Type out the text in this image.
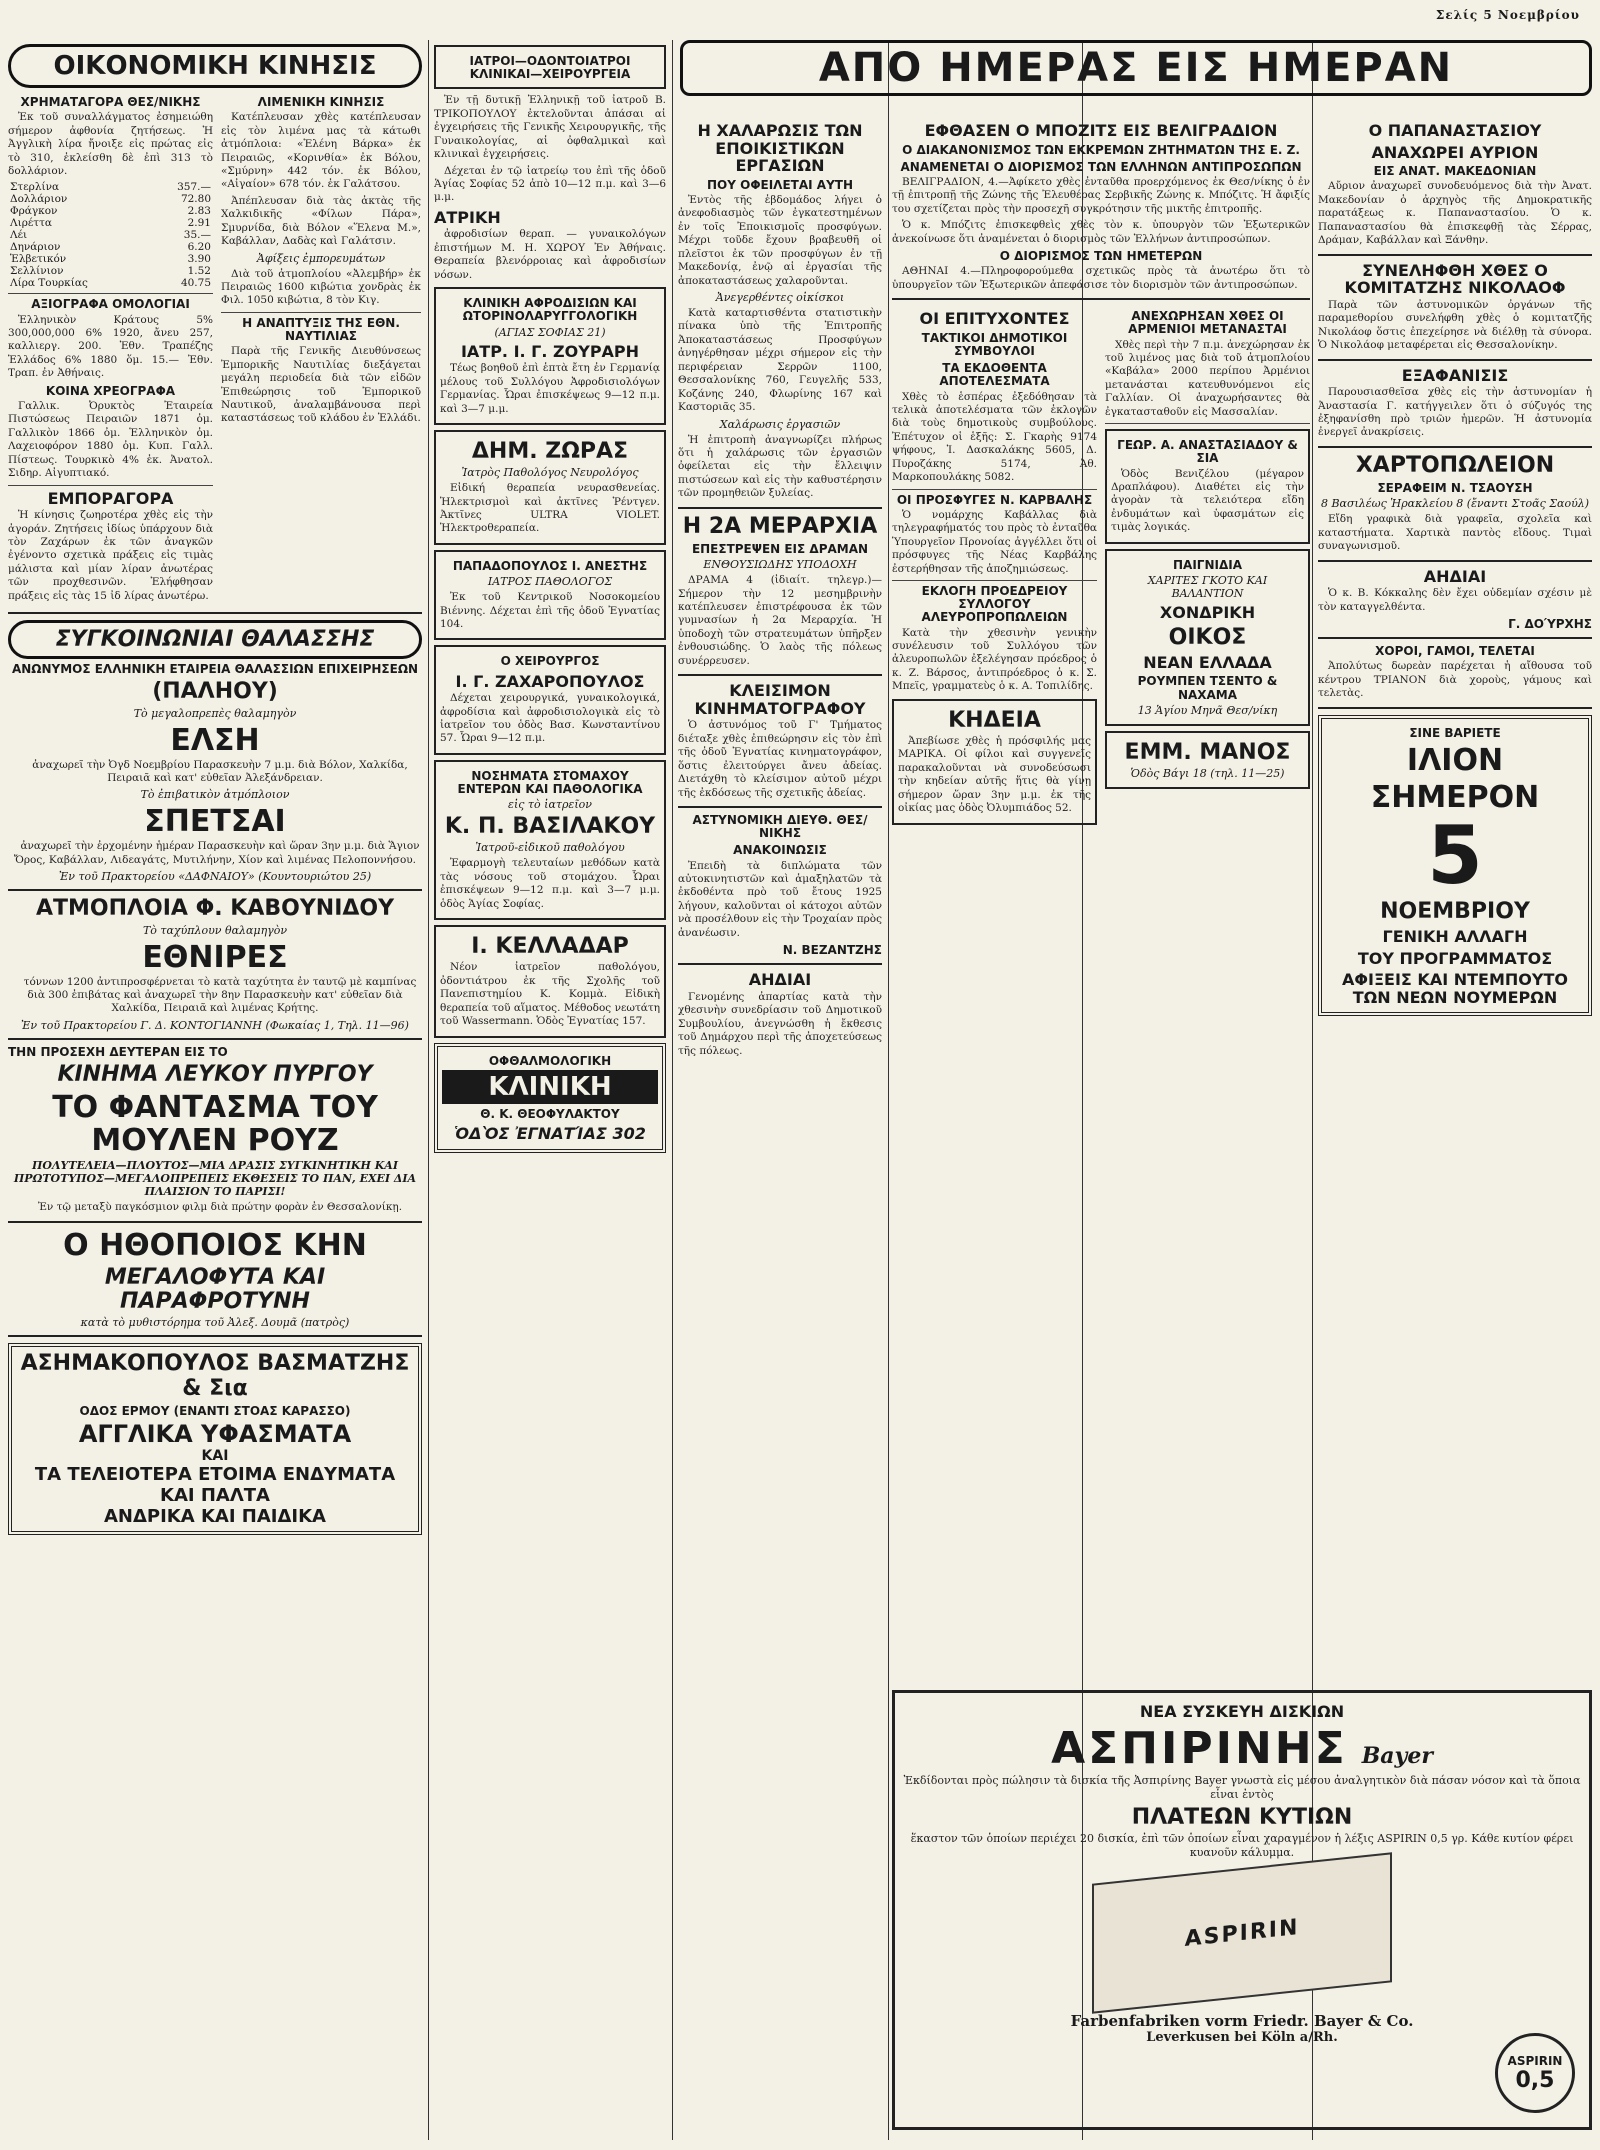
Σελίς 5 Νοεμβρίου
ΟΙΚΟΝΟΜΙΚΗ ΚΙΝΗΣΙΣ
ΧΡΗΜΑΤΑΓΟΡΑ ΘΕΣ/ΝΙΚΗΣ

Ἐκ τοῦ συναλλάγματος ἐσημειώθη σήμερον ἀφθονία ζητήσεως. Ἡ Ἀγγλικὴ λίρα ἤνοιξε εἰς πρώτας εἰς τὸ 310, ἐκλείσθη δὲ ἐπὶ 313 τὸ δολλάριον.

Στερλίνα	357.—
Δολλάριον	72.80
Φράγκον	2.83
Λιρέττα	2.91
Λέι	35.—
Δηνάριον	6.20
Ἑλβετικόν	3.90
Σελλίνιον	1.52
Λίρα Τουρκίας	40.75
ΑΞΙΟΓΡΑΦΑ ΟΜΟΛΟΓΙΑΙ

Ἑλληνικὸν Κράτους 5% 300,000,000 6% 1920, ἄνευ 257, καλλιεργ. 200. Ἐθν. Τραπέζης Ἑλλάδος 6% 1880 ὅμ. 15.— Ἐθν. Τραπ. ἐν Ἀθήναις.

ΚΟΙΝΑ ΧΡΕΟΓΡΑΦΑ

Γαλλικ. Ὀρυκτὸς Ἐταιρεία Πιστώσεως Πειραιῶν 1871 ὀμ. Γαλλικὸν 1866 ὀμ. Ἑλληνικὸν ὀμ. Λαχειοφόρον 1880 ὀμ. Κυπ. Γαλλ. Πίστεως. Τουρκικὸ 4% ἐκ. Ἀνατολ. Σιδηρ. Αἰγυπτιακό.

ΕΜΠΟΡΑΓΟΡΑ

Ἡ κίνησις ζωηροτέρα χθὲς εἰς τὴν ἀγοράν. Ζητήσεις ἰδίως ὑπάρχουν διὰ τὸν Ζαχάρων ἐκ τῶν ἀναγκῶν ἐγένοντο σχετικὰ πράξεις εἰς τιμὰς μάλιστα καὶ μίαν λίραν ἀνωτέρας τῶν προχθεσινῶν. Ἐλήφθησαν πράξεις εἰς τὰς 15 ἰδ λίρας ἀνωτέρω.

ΛΙΜΕΝΙΚΗ ΚΙΝΗΣΙΣ

Κατέπλευσαν χθὲς κατέπλευσαν εἰς τὸν λιμένα μας τὰ κάτωθι ἀτμόπλοια: «Ἑλένη Βάρκα» ἐκ Πειραιῶς, «Κορινθία» ἐκ Βόλου, «Σμύρνη» 442 τόν. ἐκ Βόλου, «Αἰγαίον» 678 τόν. ἐκ Γαλάτσου.

Ἀπέπλευσαν διὰ τὰς ἀκτὰς τῆς Χαλκιδικῆς «Φίλων Πάρα», Σμυρνίδα, διὰ Βόλον «Ἕλενα Μ.», Καβάλλαν, Δαδὰς καὶ Γαλάτσιν.

Ἀφίξεις ἐμπορευμάτων

Διὰ τοῦ ἀτμοπλοίου «Ἀλεμβήρ» ἐκ Πειραιῶς 1600 κιβώτια χονδρὰς ἐκ Φιλ. 1050 κιβώτια, 8 τὸν Κιγ.

Η ΑΝΑΠΤΥΞΙΣ ΤΗΣ ΕΘΝ. ΝΑΥΤΙΛΙΑΣ

Παρὰ τῆς Γενικῆς Διευθύνσεως Ἐμπορικῆς Ναυτιλίας διεξάγεται μεγάλη περιοδεία διὰ τῶν εἰδῶν Ἐπιθεώρησις τοῦ Ἐμπορικοῦ Ναυτικοῦ, ἀναλαμβάνουσα περὶ καταστάσεως τοῦ κλάδου ἐν Ἑλλάδι.

ΣΥΓΚΟΙΝΩΝΙΑΙ ΘΑΛΑΣΣΗΣ
ΑΝΩΝΥΜΟΣ ΕΛΛΗΝΙΚΗ ΕΤΑΙΡΕΙΑ ΘΑΛΑΣΣΙΩΝ ΕΠΙΧΕΙΡΗΣΕΩΝ
(ΠΑΛΗΟΥ)
Τὸ μεγαλοπρεπὲς θαλαμηγὸν
ΕΛΣΗ

ἀναχωρεῖ τὴν Ὀγδ Νοεμβρίου Παρασκευὴν 7 μ.μ. διὰ Βόλον, Χαλκίδα, Πειραιᾶ καὶ κατ' εὐθεῖαν Ἀλεξάνδρειαν.

Τὸ ἐπιβατικὸν ἀτμόπλοιον
ΣΠΕΤΣΑΙ

ἀναχωρεῖ τὴν ἐρχομένην ἡμέραν Παρασκευὴν καὶ ὥραν 3ην μ.μ. διὰ Ἅγιον Ὄρος, Καβάλλαν, Λιδεαγάτς, Μυτιλήνην, Χίον καὶ λιμένας Πελοποννήσου.

Ἐν τοῦ Πρακτορείου «ΔΑΦΝΑΙΟΥ» (Κουντουριώτου 25)
ΑΤΜΟΠΛΟΙΑ Φ. ΚΑΒΟΥΝΙΔΟΥ
Τὸ ταχύπλουν θαλαμηγὸν
ΕΘΝΙΡΕΣ

τόννων 1200 ἀντιπροσφέρνεται τὸ κατὰ ταχύτητα ἐν ταυτῷ μὲ καμπίνας διὰ 300 ἐπιβάτας καὶ ἀναχωρεῖ τὴν 8ην Παρασκευὴν κατ' εὐθεῖαν διὰ Χαλκίδα, Πειραιᾶ καὶ λιμένας Κρήτης.

Ἐν τοῦ Πρακτορείου Γ. Δ. ΚΟΝΤΟΓΙΑΝΝΗ (Φωκαίας 1, Τηλ. 11—96)
ΤΗΝ ΠΡΟΣΕΧΗ ΔΕΥΤΕΡΑΝ ΕΙΣ ΤΟ
ΚΙΝΗΜΑ ΛΕΥΚΟΥ ΠΥΡΓΟΥ
ΤΟ ΦΑΝΤΑΣΜΑ ΤΟΥ ΜΟΥΛΕΝ ΡΟΥΖ
ΠΟΛΥΤΕΛΕΙΑ—ΠΛΟΥΤΟΣ—ΜΙΑ ΔΡΑΣΙΣ ΣΥΓΚΙΝΗΤΙΚΗ ΚΑΙ ΠΡΩΤΟΤΥΠΟΣ—ΜΕΓΑΛΟΠΡΕΠΕΙΣ ΕΚΘΕΣΕΙΣ ΤΟ ΠΑΝ, ΕΧΕΙ ΔΙΑ ΠΛΑΙΣΙΟΝ ΤΟ ΠΑΡΙΣΙ!

Ἐν τῷ μεταξὺ παγκόσμιον φιλμ διὰ πρώτην φορὰν ἐν Θεσσαλονίκῃ.

Ο ΗΘΟΠΟΙΟΣ ΚΗΝ
ΜΕΓΑΛΟΦΥΤΑ ΚΑΙ ΠΑΡΑΦΡΟΤΥΝΗ
κατὰ τὸ μυθιστόρημα τοῦ Ἀλεξ. Δουμᾶ (πατρὸς)
ΑΣΗΜΑΚΟΠΟΥΛΟΣ ΒΑΣΜΑΤΖΗΣ & Σια
ΟΔΟΣ ΕΡΜΟΥ (ΕΝΑΝΤΙ ΣΤΟΑΣ ΚΑΡΑΣΣΟ)
ΑΓΓΛΙΚΑ ΥΦΑΣΜΑΤΑ
ΚΑΙ
ΤΑ ΤΕΛΕΙΟΤΕΡΑ ΕΤΟΙΜΑ ΕΝΔΥΜΑΤΑ ΚΑΙ ΠΑΛΤΑ
ΑΝΔΡΙΚΑ ΚΑΙ ΠΑΙΔΙΚΑ
ΙΑΤΡΟΙ—ΟΔΟΝΤΟΙΑΤΡΟΙ ΚΛΙΝΙΚΑΙ—ΧΕΙΡΟΥΡΓΕΙΑ

Ἐν τῇ δυτικῇ Ἑλληνικῇ τοῦ ἰατροῦ Β. ΤΡΙΚΟΠΟΥΛΟΥ ἐκτελοῦνται ἀπάσαι αἱ ἐγχειρήσεις τῆς Γενικῆς Χειρουργικῆς, τῆς Γυναικολογίας, αἱ ὀφθαλμικαὶ καὶ κλινικαὶ ἐγχειρήσεις.

Δέχεται ἐν τῷ ἰατρείῳ του ἐπὶ τῆς ὁδοῦ Ἁγίας Σοφίας 52 ἀπὸ 10—12 π.μ. καὶ 3—6 μ.μ.

ΑΤΡΙΚΗ

ἀφροδισίων θεραπ. — γυναικολόγων ἐπιστήμων Μ. Η. ΧΩΡΟΥ Ἐν Ἀθήναις. Θεραπεία βλενόρροιας καὶ ἀφροδισίων νόσων.

ΚΛΙΝΙΚΗ ΑΦΡΟΔΙΣΙΩΝ ΚΑΙ ΩΤΟΡΙΝΟΛΑΡΥΓΓΟΛΟΓΙΚΗ
(ΑΓΙΑΣ ΣΟΦΙΑΣ 21)
ΙΑΤΡ. Ι. Γ. ΖΟΥΡΑΡΗ

Τέως βοηθοῦ ἐπὶ ἑπτὰ ἔτη ἐν Γερμανίᾳ μέλους τοῦ Συλλόγου Ἀφροδισιολόγων Γερμανίας. Ὧραι ἐπισκέψεως 9—12 π.μ. καὶ 3—7 μ.μ.

ΔΗΜ. ΖΩΡΑΣ
Ἰατρὸς Παθολόγος Νευρολόγος

Εἰδική θεραπεία νευρασθενείας. Ἡλεκτρισμοὶ καὶ ἀκτῖνες Ῥέντγεν. Ἀκτῖνες ULTRA VIOLET. Ἡλεκτροθεραπεία.

ΠΑΠΑΔΟΠΟΥΛΟΣ Ι. ΑΝΕΣΤΗΣ
ΙΑΤΡΟΣ ΠΑΘΟΛΟΓΟΣ

Ἐκ τοῦ Κεντρικοῦ Νοσοκομείου Βιέννης. Δέχεται ἐπὶ τῆς ὁδοῦ Ἐγνατίας 104.

Ο ΧΕΙΡΟΥΡΓΟΣ
Ι. Γ. ΖΑΧΑΡΟΠΟΥΛΟΣ

Δέχεται χειρουργικά, γυναικολογικά, ἀφροδίσια καὶ ἀφροδισιολογικὰ εἰς τὸ ἰατρεῖον του ὁδὸς Βασ. Κωνσταντίνου 57. Ὧραι 9—12 π.μ.

ΝΟΣΗΜΑΤΑ ΣΤΟΜΑΧΟΥ ΕΝΤΕΡΩΝ ΚΑΙ ΠΑΘΟΛΟΓΙΚΑ
εἰς τὸ ἰατρεῖον
Κ. Π. ΒΑΣΙΛΑΚΟΥ
Ἰατροῦ-εἰδικοῦ παθολόγου

Ἐφαρμογὴ τελευταίων μεθόδων κατὰ τὰς νόσους τοῦ στομάχου. Ὧραι ἐπισκέψεων 9—12 π.μ. καὶ 3—7 μ.μ. ὁδὸς Ἁγίας Σοφίας.

Ι. ΚΕΛΛΑΔΑΡ

Νέον ἰατρεῖον παθολόγου, ὀδοντιάτρου ἐκ τῆς Σχολῆς τοῦ Πανεπιστημίου Κ. Κομμὰ. Εἰδικὴ θεραπεία τοῦ αἵματος. Μέθοδος νεωτάτη τοῦ Wassermann. Ὁδὸς Ἐγνατίας 157.

ΟΦΘΑΛΜΟΛΟΓΙΚΗ
ΚΛΙΝΙΚΗ
Θ. Κ. ΘΕΟΦΥΛΑΚΤΟΥ
ὉΔῸΣ ἘΓΝΑΤΊΑΣ 302
ΑΠΟ ΗΜΕΡΑΣ ΕΙΣ ΗΜΕΡΑΝ
Η ΧΑΛΑΡΩΣΙΣ ΤΩΝ ΕΠΟΙΚΙΣΤΙΚΩΝ ΕΡΓΑΣΙΩΝ
ΠΟΥ ΟΦΕΙΛΕΤΑΙ ΑΥΤΗ

Ἐντὸς τῆς ἑβδομάδος λήγει ὁ ἀνεφοδιασμὸς τῶν ἐγκατεστημένων ἐν τοῖς Ἐποικισμοῖς προσφύγων. Μέχρι τοῦδε ἔχουν βραβευθῆ οἱ πλεῖστοι ἐκ τῶν προσφύγων ἐν τῇ Μακεδονίᾳ, ἐνῷ αἱ ἐργασίαι τῆς ἀποκαταστάσεως χαλαροῦνται.

Ἀνεγερθέντες οἰκίσκοι

Κατὰ καταρτισθέντα στατιστικὴν πίνακα ὑπὸ τῆς Ἐπιτροπῆς Ἀποκαταστάσεως Προσφύγων ἀνηγέρθησαν μέχρι σήμερον εἰς τὴν περιφέρειαν Σερρῶν 1100, Θεσσαλονίκης 760, Γευγελῆς 533, Κοζάνης 240, Φλωρίνης 167 καὶ Καστοριᾶς 35.

Χαλάρωσις ἐργασιῶν

Ἡ ἐπιτροπὴ ἀναγνωρίζει πλήρως ὅτι ἡ χαλάρωσις τῶν ἐργασιῶν ὀφείλεται εἰς τὴν ἔλλειψιν πιστώσεων καὶ εἰς τὴν καθυστέρησιν τῶν προμηθειῶν ξυλείας.

Η 2Α ΜΕΡΑΡΧΙΑ
ΕΠΕΣΤΡΕΨΕΝ ΕΙΣ ΔΡΑΜΑΝ
ΕΝΘΟΥΣΙΩΔΗΣ ΥΠΟΔΟΧΗ

ΔΡΑΜΑ 4 (ἰδιαίτ. τηλεγρ.)—Σήμερον τὴν 12 μεσημβρινὴν κατέπλευσεν ἐπιστρέφουσα ἐκ τῶν γυμνασίων ἡ 2α Μεραρχία. Ἡ ὑποδοχὴ τῶν στρατευμάτων ὑπῆρξεν ἐνθουσιώδης. Ὁ λαὸς τῆς πόλεως συνέρρευσεν.

ΚΛΕΙΣΙΜΟΝ ΚΙΝΗΜΑΤΟΓΡΑΦΟΥ

Ὁ ἀστυνόμος τοῦ Γ' Τμήματος διέταξε χθὲς ἐπιθεώρησιν εἰς τὸν ἐπὶ τῆς ὁδοῦ Ἐγνατίας κινηματογράφον, ὅστις ἐλειτούργει ἄνευ ἀδείας. Διετάχθη τὸ κλείσιμον αὐτοῦ μέχρι τῆς ἐκδόσεως τῆς σχετικῆς ἀδείας.

ΑΣΤΥΝΟΜΙΚΗ ΔΙΕΥΘ. ΘΕΣ/ΝΙΚΗΣ
ΑΝΑΚΟΙΝΩΣΙΣ

Ἐπειδὴ τὰ διπλώματα τῶν αὐτοκινητιστῶν καὶ ἁμαξηλατῶν τὰ ἐκδοθέντα πρὸ τοῦ ἔτους 1925 λήγουν, καλοῦνται οἱ κάτοχοι αὐτῶν νὰ προσέλθουν εἰς τὴν Τροχαίαν πρὸς ἀνανέωσιν.

Ν. ΒΕΖΑΝΤΖΗΣ
ΑΗΔΙΑΙ

Γενομένης ἀπαρτίας κατὰ τὴν χθεσινὴν συνεδρίασιν τοῦ Δημοτικοῦ Συμβουλίου, ἀνεγνώσθη ἡ ἔκθεσις τοῦ Δημάρχου περὶ τῆς ἀποχετεύσεως τῆς πόλεως.

ΕΦΘΑΣΕΝ Ο ΜΠΟΖΙΤΣ ΕΙΣ ΒΕΛΙΓΡΑΔΙΟΝ
Ο ΔΙΑΚΑΝΟΝΙΣΜΟΣ ΤΩΝ ΕΚΚΡΕΜΩΝ ΖΗΤΗΜΑΤΩΝ ΤΗΣ Ε. Ζ.
ΑΝΑΜΕΝΕΤΑΙ Ο ΔΙΟΡΙΣΜΟΣ ΤΩΝ ΕΛΛΗΝΩΝ ΑΝΤΙΠΡΟΣΩΠΩΝ

ΒΕΛΙΓΡΑΔΙΟΝ, 4.—Ἀφίκετο χθὲς ἐνταῦθα προερχόμενος ἐκ Θεσ/νίκης ὁ ἐν τῇ ἐπιτροπῇ τῆς Ζώνης τῆς Ἐλευθέρας Σερβικῆς Ζώνης κ. Μπόζιτς. Ἡ ἄφιξίς του σχετίζεται πρὸς τὴν προσεχῆ συγκρότησιν τῆς μικτῆς ἐπιτροπῆς.

Ὁ κ. Μπόζιτς ἐπισκεφθεὶς χθὲς τὸν κ. ὑπουργὸν τῶν Ἐξωτερικῶν ἀνεκοίνωσε ὅτι ἀναμένεται ὁ διορισμὸς τῶν Ἑλλήνων ἀντιπροσώπων.

Ο ΔΙΟΡΙΣΜΟΣ ΤΩΝ ΗΜΕΤΕΡΩΝ

ΑΘΗΝΑΙ 4.—Πληροφορούμεθα σχετικῶς πρὸς τὰ ἀνωτέρω ὅτι τὸ ὑπουργεῖον τῶν Ἐξωτερικῶν ἀπεφάσισε τὸν διορισμὸν τῶν ἀντιπροσώπων.

ΟΙ ΕΠΙΤΥΧΟΝΤΕΣ
ΤΑΚΤΙΚΟΙ ΔΗΜΟΤΙΚΟΙ ΣΥΜΒΟΥΛΟΙ
ΤΑ ΕΚΔΟΘΕΝΤΑ ΑΠΟΤΕΛΕΣΜΑΤΑ

Χθὲς τὸ ἑσπέρας ἐξεδόθησαν τὰ τελικὰ ἀποτελέσματα τῶν ἐκλογῶν διὰ τοὺς δημοτικοὺς συμβούλους. Ἐπέτυχον οἱ ἑξῆς: Σ. Γκαρὴς 9174 ψήφους, Ἰ. Δασκαλάκης 5605, Δ. Πυροζάκης 5174, Ἀθ. Μαρκοπουλάκης 5082.

ΟΙ ΠΡΟΣΦΥΓΕΣ Ν. ΚΑΡΒΑΛΗΣ

Ὁ νομάρχης Καβάλλας διὰ τηλεγραφήματός του πρὸς τὸ ἐνταῦθα Ὑπουργεῖον Προνοίας ἀγγέλλει ὅτι οἱ πρόσφυγες τῆς Νέας Καρβάλης ἐστερήθησαν τῆς ἀποζημιώσεως.

ΕΚΛΟΓΗ ΠΡΟΕΔΡΕΙΟΥ ΣΥΛΛΟΓΟΥ ΑΛΕΥΡΟΠΡΟΠΩΛΕΙΩΝ

Κατὰ τὴν χθεσινὴν γενικὴν συνέλευσιν τοῦ Συλλόγου τῶν ἀλευροπωλῶν ἐξελέγησαν πρόεδρος ὁ κ. Ζ. Βάρσος, ἀντιπρόεδρος ὁ κ. Σ. Μπεϊς, γραμματεὺς ὁ κ. Α. Τοπιλίδης.

ΚΗΔΕΙΑ

Ἀπεβίωσε χθὲς ἡ πρόσφιλής μας ΜΑΡΙΚΑ. Οἱ φίλοι καὶ συγγενεῖς παρακαλοῦνται νὰ συνοδεύσωσι τὴν κηδείαν αὐτῆς ἥτις θὰ γίνῃ σήμερον ὥραν 3ην μ.μ. ἐκ τῆς οἰκίας μας ὁδὸς Ὀλυμπιάδος 52.

ΑΝΕΧΩΡΗΣΑΝ ΧΘΕΣ ΟΙ ΑΡΜΕΝΙΟΙ ΜΕΤΑΝΑΣΤΑΙ

Χθὲς περὶ τὴν 7 π.μ. ἀνεχώρησαν ἐκ τοῦ λιμένος μας διὰ τοῦ ἀτμοπλοίου «Καβάλα» 2000 περίπου Ἀρμένιοι μετανάσται κατευθυνόμενοι εἰς Γαλλίαν. Οἱ ἀναχωρήσαντες θὰ ἐγκατασταθοῦν εἰς Μασσαλίαν.

ΓΕΩΡ. Α. ΑΝΑΣΤΑΣΙΑΔΟΥ & ΣΙΑ

Ὁδὸς Βενιζέλου (μέγαρον Δραπλάφου). Διαθέτει εἰς τὴν ἀγορὰν τὰ τελειότερα εἴδη ἐνδυμάτων καὶ ὑφασμάτων εἰς τιμὰς λογικάς.

ΠΑΙΓΝΙΔΙΑ
ΧΑΡΙΤΕΣ ΓΚΟΤΟ ΚΑΙ ΒΑΛΑΝΤΙΟΝ
ΧΟΝΔΡΙΚΗ
ΟΙΚΟΣ
ΝΕΑΝ ΕΛΛΑΔΑ
ΡΟΥΜΠΕΝ ΤΣΕΝΤΟ & ΝΑΧΑΜΑ
13 Ἁγίου Μηνᾶ Θεσ/νίκη
ΕΜΜ. ΜΑΝΟΣ
Ὁδὸς Βάγι 18 (τηλ. 11—25)
Ο ΠΑΠΑΝΑΣΤΑΣΙΟΥ
ΑΝΑΧΩΡΕΙ ΑΥΡΙΟΝ
ΕΙΣ ΑΝΑΤ. ΜΑΚΕΔΟΝΙΑΝ

Αὔριον ἀναχωρεῖ συνοδευόμενος διὰ τὴν Ἀνατ. Μακεδονίαν ὁ ἀρχηγὸς τῆς Δημοκρατικῆς παρατάξεως κ. Παπαναστασίου. Ὁ κ. Παπαναστασίου θὰ ἐπισκεφθῇ τὰς Σέρρας, Δράμαν, Καβάλλαν καὶ Ξάνθην.

ΣΥΝΕΛΗΦΘΗ ΧΘΕΣ Ο ΚΟΜΙΤΑΤΖΗΣ ΝΙΚΟΛΑΟΦ

Παρὰ τῶν ἀστυνομικῶν ὀργάνων τῆς παραμεθορίου συνελήφθη χθὲς ὁ κομιτατζῆς Νικολάοφ ὅστις ἐπεχείρησε νὰ διέλθῃ τὰ σύνορα. Ὁ Νικολάοφ μεταφέρεται εἰς Θεσσαλονίκην.

ΕΞΑΦΑΝΙΣΙΣ

Παρουσιασθεῖσα χθὲς εἰς τὴν ἀστυνομίαν ἡ Ἀναστασία Γ. κατήγγειλεν ὅτι ὁ σύζυγός της ἐξηφανίσθη πρὸ τριῶν ἡμερῶν. Ἡ ἀστυνομία ἐνεργεῖ ἀνακρίσεις.

ΧΑΡΤΟΠΩΛΕΙΟΝ
ΣΕΡΑΦΕΙΜ Ν. ΤΣΑΟΥΣΗ
8 Βασιλέως Ἡρακλείου 8 (ἔναντι Στοᾶς Σαούλ)

Εἴδη γραφικὰ διὰ γραφεῖα, σχολεῖα καὶ καταστήματα. Χαρτικὰ παντὸς εἴδους. Τιμαὶ συναγωνισμοῦ.

ΑΗΔΙΑΙ

Ὁ κ. Β. Κόκκαλης δὲν ἔχει οὐδεμίαν σχέσιν μὲ τὸν καταγγελθέντα.

Γ. ΔΟΎΡΧΗΣ
ΧΟΡΟΙ, ΓΑΜΟΙ, ΤΕΛΕΤΑΙ

Ἀπολύτως δωρεὰν παρέχεται ἡ αἴθουσα τοῦ κέντρου ΤΡΙΑΝΟΝ διὰ χοροὺς, γάμους καὶ τελετὰς.

ΣΙΝΕ ΒΑΡΙΕΤΕ
ΙΛΙΟΝ
ΣΗΜΕΡΟΝ
5
ΝΟΕΜΒΡΙΟΥ
ΓΕΝΙΚΗ ΑΛΛΑΓΗ
ΤΟΥ ΠΡΟΓΡΑΜΜΑΤΟΣ
ΑΦΙΞΕΙΣ ΚΑΙ ΝΤΕΜΠΟΥΤΟ ΤΩΝ ΝΕΩΝ ΝΟΥΜΕΡΩΝ
ΝΕΑ ΣΥΣΚΕΥΗ ΔΙΣΚΙΩΝ
ΑΣΠΙΡΙΝΗΣ Bayer

Ἐκδίδονται πρὸς πώλησιν τὰ δισκία τῆς Ἀσπιρίνης Bayer γνωστὰ εἰς μέσου ἀναλγητικὸν διὰ πάσαν νόσον καὶ τὰ ὅποια εἶναι ἐντὸς

ΠΛΑΤΕΩΝ ΚΥΤΙΩΝ

ἕκαστον τῶν ὁποίων περιέχει 20 δισκία, ἐπὶ τῶν ὁποίων εἶναι χαραγμένον ἡ λέξις ASPIRIN 0,5 γρ. Κάθε κυτίον φέρει κυανοῦν κάλυμμα.

ASPIRIN
Farbenfabriken vorm Friedr. Bayer & Co.
Leverkusen bei Köln a/Rh.
ASPIRIN
0,5
